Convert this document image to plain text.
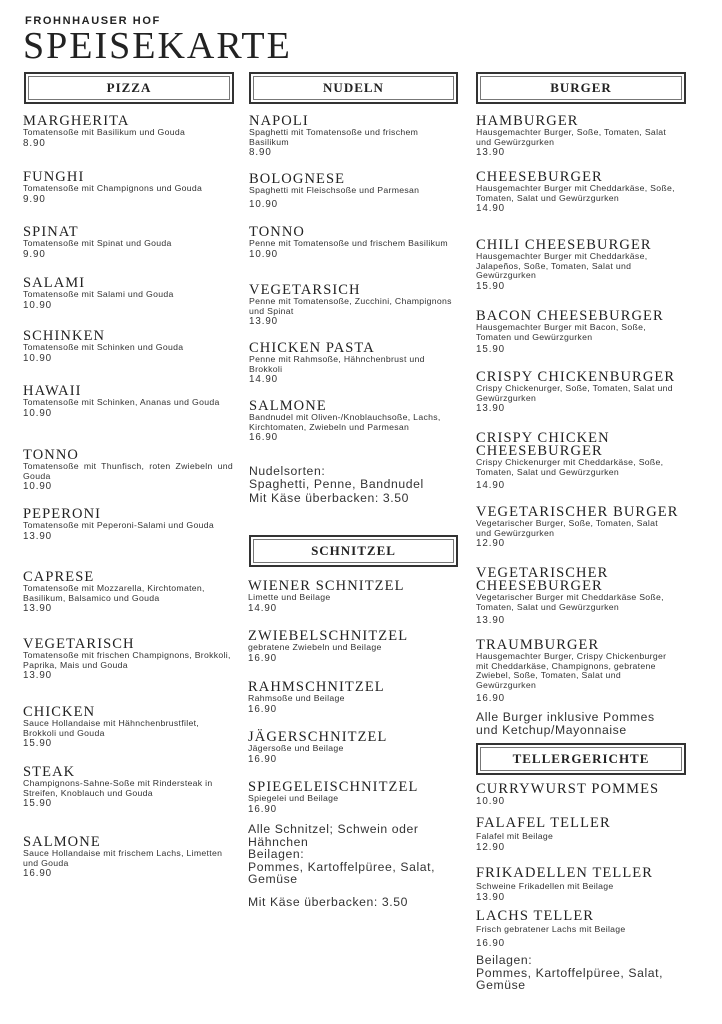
FROHNHAUSER HOF
SPEISEKARTE
PIZZA
MARGHERITA
Tomatensoße mit Basilikum und Gouda
8.90
FUNGHI
Tomatensoße mit Champignons und Gouda
9.90
SPINAT
Tomatensoße mit Spinat und Gouda
9.90
SALAMI
Tomatensoße mit Salami und Gouda
10.90
SCHINKEN
Tomatensoße mit Schinken und Gouda
10.90
HAWAII
Tomatensoße mit Schinken, Ananas und Gouda
10.90
TONNO
Tomatensoße mit Thunfisch, roten Zwiebeln und Gouda
10.90
PEPERONI
Tomatensoße mit Peperoni-Salami und Gouda
13.90
CAPRESE
Tomatensoße mit Mozzarella, Kirchtomaten, Basilikum, Balsamico und Gouda
13.90
VEGETARISCH
Tomatensoße mit frischen Champignons, Brokkoli, Paprika, Mais und Gouda
13.90
CHICKEN
Sauce Hollandaise mit Hähnchenbrustfilet, Brokkoli und Gouda
15.90
STEAK
Champignons-Sahne-Soße mit Rindersteak in Streifen, Knoblauch und Gouda
15.90
SALMONE
Sauce Hollandaise mit frischem Lachs, Limetten und Gouda
16.90
NUDELN
NAPOLI
Spaghetti mit Tomatensoße und frischem Basilikum
8.90
BOLOGNESE
Spaghetti mit Fleischsoße und Parmesan
10.90
TONNO
Penne mit Tomatensoße und frischem Basilikum
10.90
VEGETARSICH
Penne mit Tomatensoße, Zucchini, Champignons und Spinat
13.90
CHICKEN PASTA
Penne mit Rahmsoße, Hähnchenbrust und Brokkoli
14.90
SALMONE
Bandnudel mit Oliven-/Knoblauchsoße, Lachs, Kirchtomaten, Zwiebeln und Parmesan
16.90
Nudelsorten:
Spaghetti, Penne, Bandnudel
Mit Käse überbacken: 3.50
SCHNITZEL
WIENER SCHNITZEL
Limette und Beilage
14.90
ZWIEBELSCHNITZEL
gebratene Zwiebeln und Beilage
16.90
RAHMSCHNITZEL
Rahmsoße und Beilage
16.90
JÄGERSCHNITZEL
Jägersoße und Beilage
16.90
SPIEGELEISCHNITZEL
Spiegelei und Beilage
16.90
Alle Schnitzel; Schwein oder Hähnchen
Beilagen:
Pommes, Kartoffelpüree, Salat, Gemüse
Mit Käse überbacken: 3.50
BURGER
HAMBURGER
Hausgemachter Burger, Soße, Tomaten, Salat und Gewürzgurken
13.90
CHEESEBURGER
Hausgemachter Burger mit Cheddarkäse, Soße, Tomaten, Salat und Gewürzgurken
14.90
CHILI CHEESEBURGER
Hausgemachter Burger mit Cheddarkäse, Jalapeños, Soße, Tomaten, Salat und Gewürzgurken
15.90
BACON CHEESEBURGER
Hausgemachter Burger mit Bacon, Soße, Tomaten und Gewürzgurken
15.90
CRISPY CHICKENBURGER
Crispy Chickenurger, Soße, Tomaten, Salat und Gewürzgurken
13.90
CRISPY CHICKEN CHEESEBURGER
Crispy Chickenurger mit Cheddarkäse, Soße, Tomaten, Salat und Gewürzgurken
14.90
VEGETARISCHER BURGER
Vegetarischer Burger, Soße, Tomaten, Salat und Gewürzgurken
12.90
VEGETARISCHER CHEESEBURGER
Vegetarischer Burger mit Cheddarkäse Soße, Tomaten, Salat und Gewürzgurken
13.90
TRAUMBURGER
Hausgemachter Burger, Crispy Chickenburger mit Cheddarkäse, Champignons, gebratene Zwiebel, Soße, Tomaten, Salat und Gewürzgurken
16.90
Alle Burger inklusive Pommes und Ketchup/Mayonnaise
TELLERGERICHTE
CURRYWURST POMMES
10.90
FALAFEL TELLER
Falafel mit Beilage
12.90
FRIKADELLEN TELLER
Schweine Frikadellen mit Beilage
13.90
LACHS TELLER
Frisch gebratener Lachs mit Beilage
16.90
Beilagen:
Pommes, Kartoffelpüree, Salat, Gemüse
